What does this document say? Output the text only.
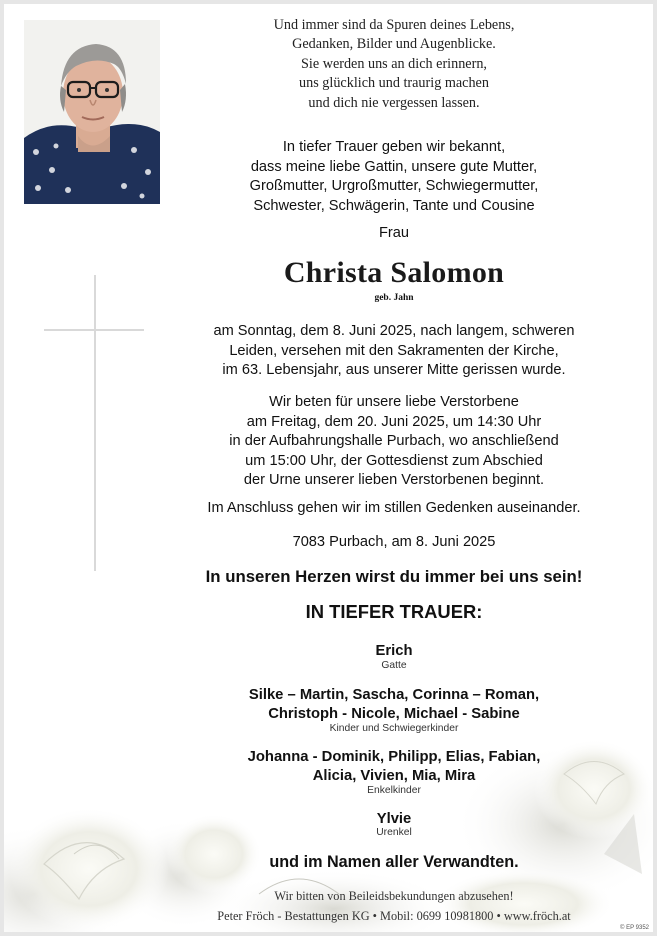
Und immer sind da Spuren deines Lebens,
Gedanken, Bilder und Augenblicke.
Sie werden uns an dich erinnern,
uns glücklich und traurig machen
und dich nie vergessen lassen.
In tiefer Trauer geben wir bekannt,
dass meine liebe Gattin, unsere gute Mutter,
Großmutter, Urgroßmutter, Schwiegermutter,
Schwester, Schwägerin, Tante und Cousine
Frau
Christa Salomon
geb. Jahn
am Sonntag, dem 8. Juni 2025, nach langem, schweren
Leiden, versehen mit den Sakramenten der Kirche,
im 63. Lebensjahr, aus unserer Mitte gerissen wurde.
Wir beten für unsere liebe Verstorbene
am Freitag, dem 20. Juni 2025, um 14:30 Uhr
in der Aufbahrungshalle Purbach, wo anschließend
um 15:00 Uhr, der Gottesdienst zum Abschied
der Urne unserer lieben Verstorbenen beginnt.
Im Anschluss gehen wir im stillen Gedenken auseinander.
7083 Purbach, am 8. Juni 2025
In unseren Herzen wirst du immer bei uns sein!
IN TIEFER TRAUER:
Erich
Gatte
Silke – Martin, Sascha, Corinna – Roman,
Christoph - Nicole, Michael - Sabine
Kinder und Schwiegerkinder
Johanna - Dominik, Philipp, Elias, Fabian,
Alicia, Vivien, Mia, Mira
Enkelkinder
Ylvie
Urenkel
und im Namen aller Verwandten.
Wir bitten von Beileidsbekundungen abzusehen!
Peter Fröch - Bestattungen KG • Mobil: 0699 10981800 • www.fröch.at
© EP 9352
